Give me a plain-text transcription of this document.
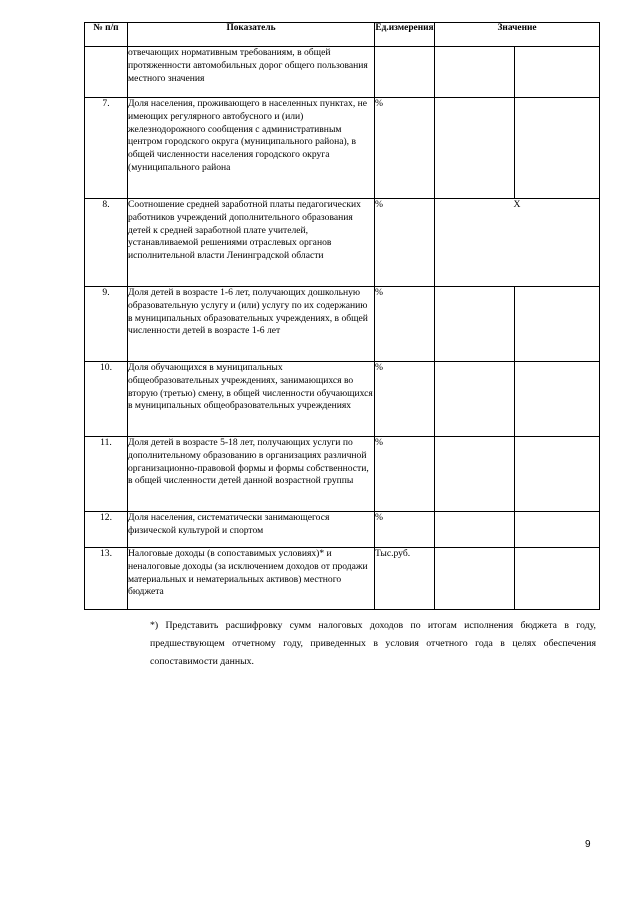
№ п/п	Показатель	Ед.измерения	Значение	
	отвечающих нормативным требованиям, в общей протяженности автомобильных дорог общего пользования местного значения			
7.	Доля населения, проживающего в населенных пунктах, не имеющих регулярного автобусного и (или) железнодорожного сообщения с административным центром городского округа (муниципального района), в общей численности населения городского округа (муниципального района	%		
8.	Соотношение средней заработной платы педагогических работников учреждений дополнительного образования детей к средней заработной плате учителей, устанавливаемой решениями отраслевых органов исполнительной власти Ленинградской области	%	X	
9.	Доля детей в возрасте 1-6 лет, получающих дошкольную образовательную услугу и (или) услугу по их содержанию в муниципальных образовательных учреждениях, в общей численности детей в возрасте 1-6 лет	%		
10.	Доля обучающихся в муниципальных общеобразовательных учреждениях, занимающихся во вторую (третью) смену, в общей численности обучающихся в муниципальных общеобразовательных учреждениях	%		
11.	Доля детей в возрасте 5-18 лет, получающих услуги по дополнительному образованию в организациях различной организационно-правовой формы и формы собственности, в общей численности детей данной возрастной группы	%		
12.	Доля населения, систематически занимающегося физической культурой и спортом	%		
13.	Налоговые доходы (в сопоставимых условиях)* и неналоговые доходы (за исключением доходов от продажи материальных и нематериальных активов) местного бюджета	Тыс.руб.		
*) Представить расшифровку сумм налоговых доходов по итогам исполнения бюджета в году, предшествующем отчетному году, приведенных в условия отчетного года в целях обеспечения сопоставимости данных.
9
